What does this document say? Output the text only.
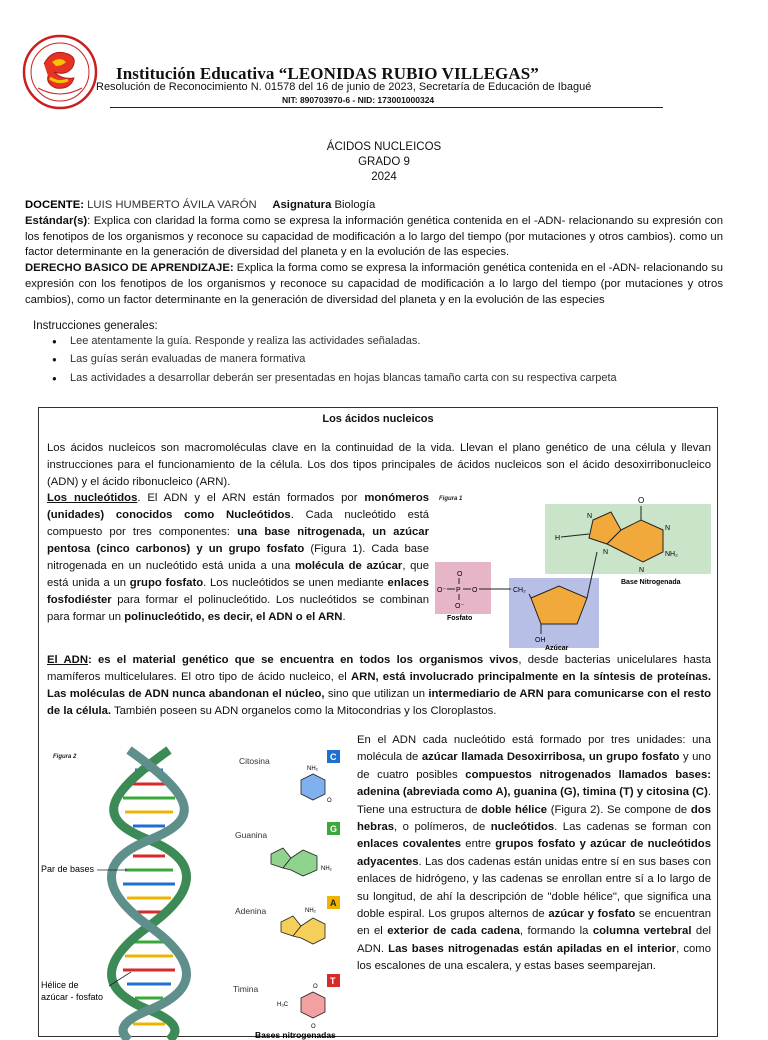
Institución Educativa “LEONIDAS RUBIO VILLEGAS”
Resolución de Reconocimiento N. 01578 del 16 de junio de 2023, Secretaría de Educación de Ibagué
NIT: 890703970-6 - NID: 173001000324
ÁCIDOS NUCLEICOS
GRADO 9
2024

DOCENTE: LUIS HUMBERTO ÁVILA VARÓN Asignatura Biología

Estándar(s): Explica con claridad la forma como se expresa la información genética contenida en el -ADN- relacionando su expresión con los fenotipos de los organismos y reconoce su capacidad de modificación a lo largo del tiempo (por mutaciones y otros cambios). como un factor determinante en la generación de diversidad del planeta y en la evolución de las especies.

DERECHO BASICO DE APRENDIZAJE: Explica la forma como se expresa la información genética contenida en el -ADN- relacionando su expresión con los fenotipos de los organismos y reconoce su capacidad de modificación a lo largo del tiempo (por mutaciones y otros cambios), como un factor determinante en la generación de diversidad del planeta y en la evolución de las especies

Instrucciones generales:
● Lee atentamente la guía. Responde y realiza las actividades señaladas.
● Las guías serán evaluadas de manera formativa
● Las actividades a desarrollar deberán ser presentadas en hojas blancas tamaño carta con su respectiva carpeta
Los ácidos nucleicos

Los ácidos nucleicos son macromoléculas clave en la continuidad de la vida. Llevan el plano genético de una célula y llevan instrucciones para el funcionamiento de la célula. Los dos tipos principales de ácidos nucleicos son el ácido desoxirribonucleico (ADN) y el ácido ribonucleico (ARN).

Los nucleótidos. El ADN y el ARN están formados por monómeros (unidades) conocidos como Nucleótidos. Cada nucleótido está compuesto por tres componentes: una base nitrogenada, un azúcar pentosa (cinco carbonos) y un grupo fosfato (Figura 1). Cada base nitrogenada en un nucleótido está unida a una molécula de azúcar, que está unida a un grupo fosfato. Los nucleótidos se unen mediante enlaces fosfodiéster para formar el polinucleótido. Los nucleótidos se combinan para formar un polinucleótido, es decir, el ADN o el ARN.

Figura 1	O
N
H
N
NH₂
N
N
Base Nitrogenada
O
O⁻ P O
O⁻
Fosfato
CH₂
OH
Azúcar

El ADN: es el material genético que se encuentra en todos los organismos vivos, desde bacterias unicelulares hasta mamíferos multicelulares. El otro tipo de ácido nucleico, el ARN, está involucrado principalmente en la síntesis de proteínas. Las moléculas de ADN nunca abandonan el núcleo, sino que utilizan un intermediario de ARN para comunicarse con el resto de la célula. También poseen su ADN organelos como la Mitocondrias y los Cloroplastos.

Figura 2
Par de bases
Hélice de
azúcar - fosfato
Citosina	C
NH₂
O
Guanina
G
NH₂
Adenina
A
NH₂
Timina
T
H₃C
O
O
Bases nitrogenadas

En el ADN cada nucleótido está formado por tres unidades: una molécula de azúcar llamada Desoxirribosa, un grupo fosfato y uno de cuatro posibles compuestos nitrogenados llamados bases: adenina (abreviada como A), guanina (G), timina (T) y citosina (C). Tiene una estructura de doble hélice (Figura 2). Se compone de dos hebras, o polímeros, de nucleótidos. Las cadenas se forman con enlaces covalentes entre grupos fosfato y azúcar de nucleótidos adyacentes. Las dos cadenas están unidas entre sí en sus bases con enlaces de hidrógeno, y las cadenas se enrollan entre sí a lo largo de su longitud, de ahí la descripción de "doble hélice", que significa una doble espiral. Los grupos alternos de azúcar y fosfato se encuentran en el exterior de cada cadena, formando la columna vertebral del ADN. Las bases nitrogenadas están apiladas en el interior, como los escalones de una escalera, y estas bases seemparejan.
